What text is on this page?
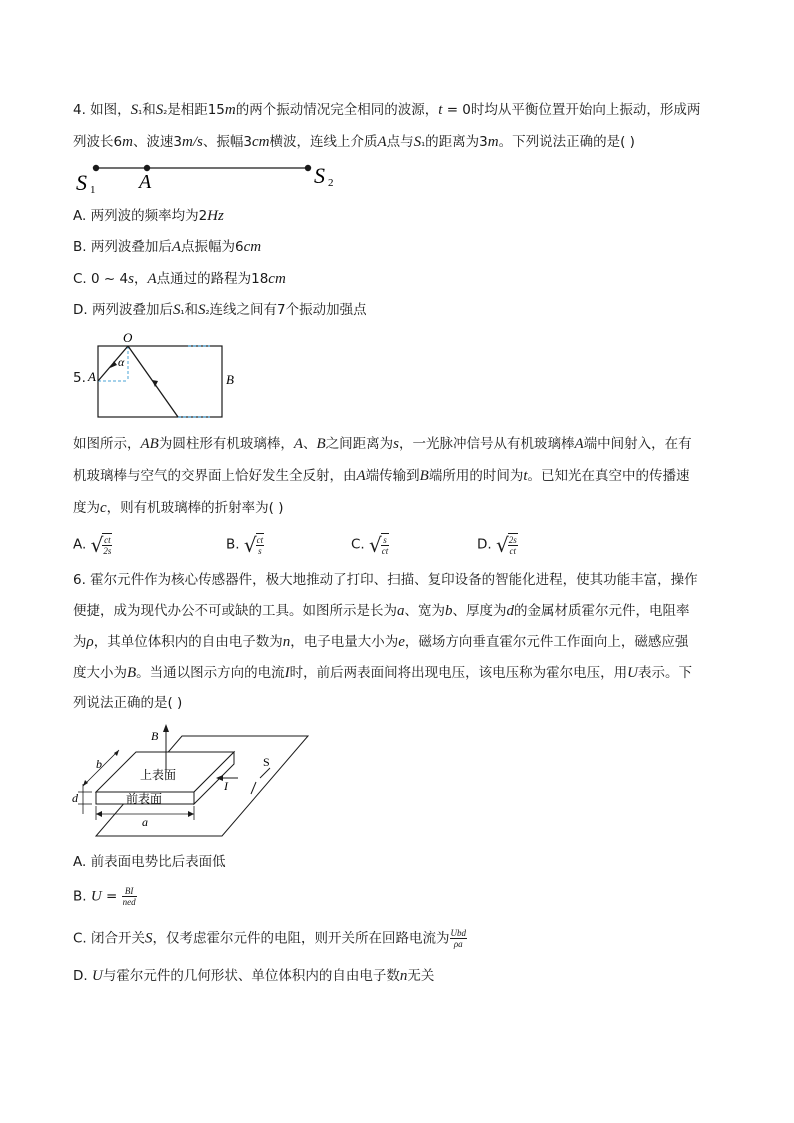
4. 如图，S₁和S₂是相距15m的两个振动情况完全相同的波源，t = 0时均从平衡位置开始向上振动，形成两
列波长6m、波速3m/s、振幅3cm横波，连线上介质A点与S₁的距离为3m。下列说法正确的是( )
S 1 A	S 2
A. 两列波的频率均为2Hz
B. 两列波叠加后A点振幅为6cm
C. 0 ~ 4s，A点通过的路程为18cm
D. 两列波叠加后S₁和S₂连线之间有7个振动加强点
5.
O
α
A	B
如图所示，AB为圆柱形有机玻璃棒，A、B之间距离为s，一光脉冲信号从有机玻璃棒A端中间射入，在有
机玻璃棒与空气的交界面上恰好发生全反射，由A端传输到B端所用的时间为t。已知光在真空中的传播速
度为c，则有机玻璃棒的折射率为( )
A. √ $\frac{ct}{2s}$	B. √ $\frac{ct}{s}$	C. √ $\frac{s}{ct}$	D. √ $\frac{2s}{ct}$
6. 霍尔元件作为核心传感器件，极大地推动了打印、扫描、复印设备的智能化进程，使其功能丰富，操作
便捷，成为现代办公不可或缺的工具。如图所示是长为a、宽为b、厚度为d的金属材质霍尔元件，电阻率
为ρ，其单位体积内的自由电子数为n，电子电量大小为e，磁场方向垂直霍尔元件工作面向上，磁感应强
度大小为B。当通以图示方向的电流I时，前后两表面间将出现电压，该电压称为霍尔电压，用U表示。下
列说法正确的是( )
B
I
S
上表面
前表面
b
d
a
A. 前表面电势比后表面低
B. $U = \frac{BI}{\text{ned}}$
C. 闭合开关S，仅考虑霍尔元件的电阻，则开关所在回路电流为 $\frac{\text{Ubd}}{\rho a}$
D. U与霍尔元件的几何形状、单位体积内的自由电子数n无关
